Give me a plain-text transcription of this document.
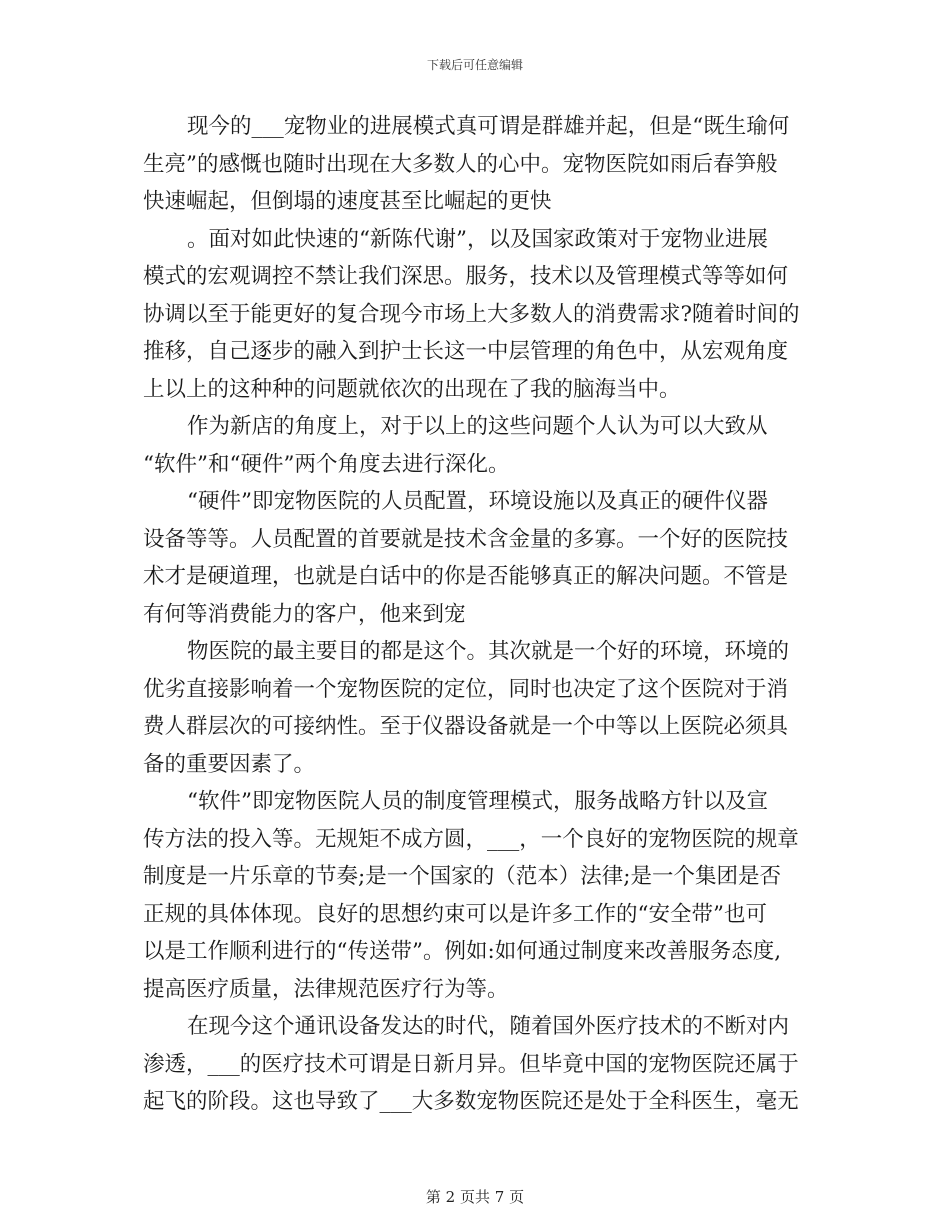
下载后可任意编辑
现今的___宠物业的进展模式真可谓是群雄并起，但是“既生瑜何
生亮”的感慨也随时出现在大多数人的心中。宠物医院如雨后春笋般
快速崛起，但倒塌的速度甚至比崛起的更快
。面对如此快速的“新陈代谢”，以及国家政策对于宠物业进展
模式的宏观调控不禁让我们深思。服务，技术以及管理模式等等如何
协调以至于能更好的复合现今市场上大多数人的消费需求?随着时间的
推移，自己逐步的融入到护士长这一中层管理的角色中，从宏观角度
上以上的这种种的问题就依次的出现在了我的脑海当中。
作为新店的角度上，对于以上的这些问题个人认为可以大致从
“软件”和“硬件”两个角度去进行深化。
“硬件”即宠物医院的人员配置，环境设施以及真正的硬件仪器
设备等等。人员配置的首要就是技术含金量的多寡。一个好的医院技
术才是硬道理，也就是白话中的你是否能够真正的解决问题。不管是
有何等消费能力的客户，他来到宠
物医院的最主要目的都是这个。其次就是一个好的环境，环境的
优劣直接影响着一个宠物医院的定位，同时也决定了这个医院对于消
费人群层次的可接纳性。至于仪器设备就是一个中等以上医院必须具
备的重要因素了。
“软件”即宠物医院人员的制度管理模式，服务战略方针以及宣
传方法的投入等。无规矩不成方圆，___，一个良好的宠物医院的规章
制度是一片乐章的节奏;是一个国家的（范本）法律;是一个集团是否
正规的具体体现。良好的思想约束可以是许多工作的“安全带”也可
以是工作顺利进行的“传送带”。例如:如何通过制度来改善服务态度,
提高医疗质量，法律规范医疗行为等。
在现今这个通讯设备发达的时代，随着国外医疗技术的不断对内
渗透，___的医疗技术可谓是日新月异。但毕竟中国的宠物医院还属于
起飞的阶段。这也导致了___大多数宠物医院还是处于全科医生，毫无
第 2 页共 7 页
